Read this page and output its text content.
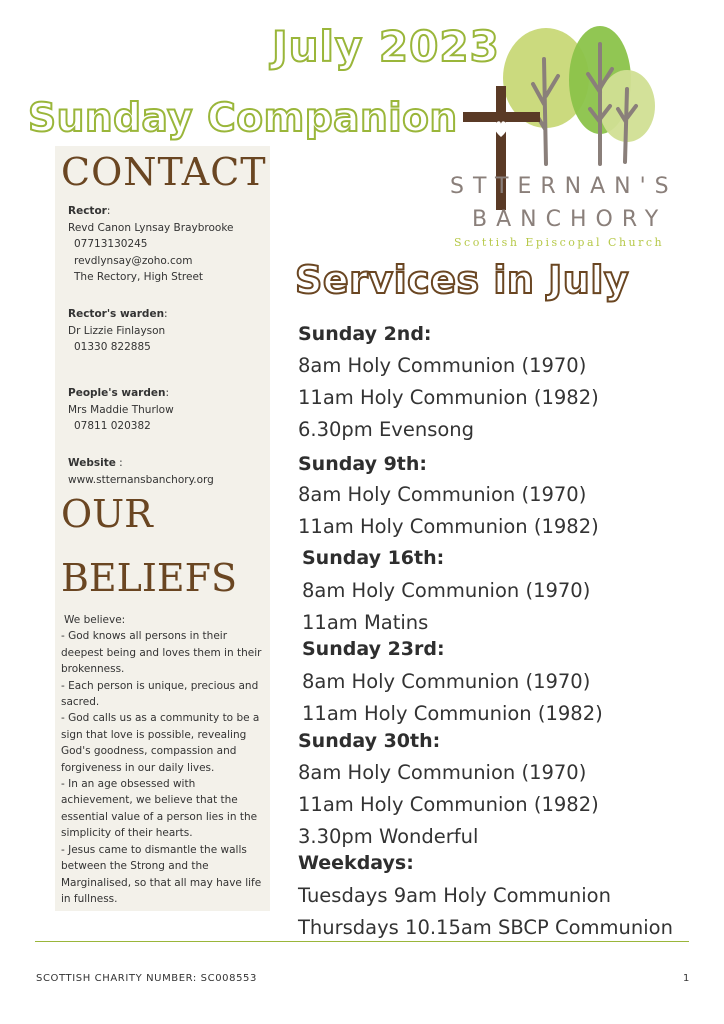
July 2023
Sunday Companion
STTERNAN'S
BANCHORY
Scottish Episcopal Church
CONTACT
Rector:
Revd Canon Lynsay Braybrooke
07713130245
revdlynsay@zoho.com
The Rectory, High Street
Rector's warden:
Dr Lizzie Finlayson
01330 822885
People's warden:
Mrs Maddie Thurlow
07811 020382
Website :
www.stternansbanchory.org
OUR
BELIEFS

We believe:

- God knows all persons in their deepest being and loves them in their brokenness.

- Each person is unique, precious and sacred.

- God calls us as a community to be a sign that love is possible, revealing God's goodness, compassion and forgiveness in our daily lives.

- In an age obsessed with achievement, we believe that the essential value of a person lies in the simplicity of their hearts.

- Jesus came to dismantle the walls between the Strong and the Marginalised, so that all may have life in fullness.

Services in July
Sunday 2nd:
8am Holy Communion (1970)
11am Holy Communion (1982)
6.30pm Evensong
Sunday 9th:
8am Holy Communion (1970)
11am Holy Communion (1982)
Sunday 16th:
8am Holy Communion (1970)
11am Matins
Sunday 23rd:
8am Holy Communion (1970)
11am Holy Communion (1982)
Sunday 30th:
8am Holy Communion (1970)
11am Holy Communion (1982)
3.30pm Wonderful
Weekdays:
Tuesdays 9am Holy Communion
Thursdays 10.15am SBCP Communion
SCOTTISH CHARITY NUMBER: SC008553	1
